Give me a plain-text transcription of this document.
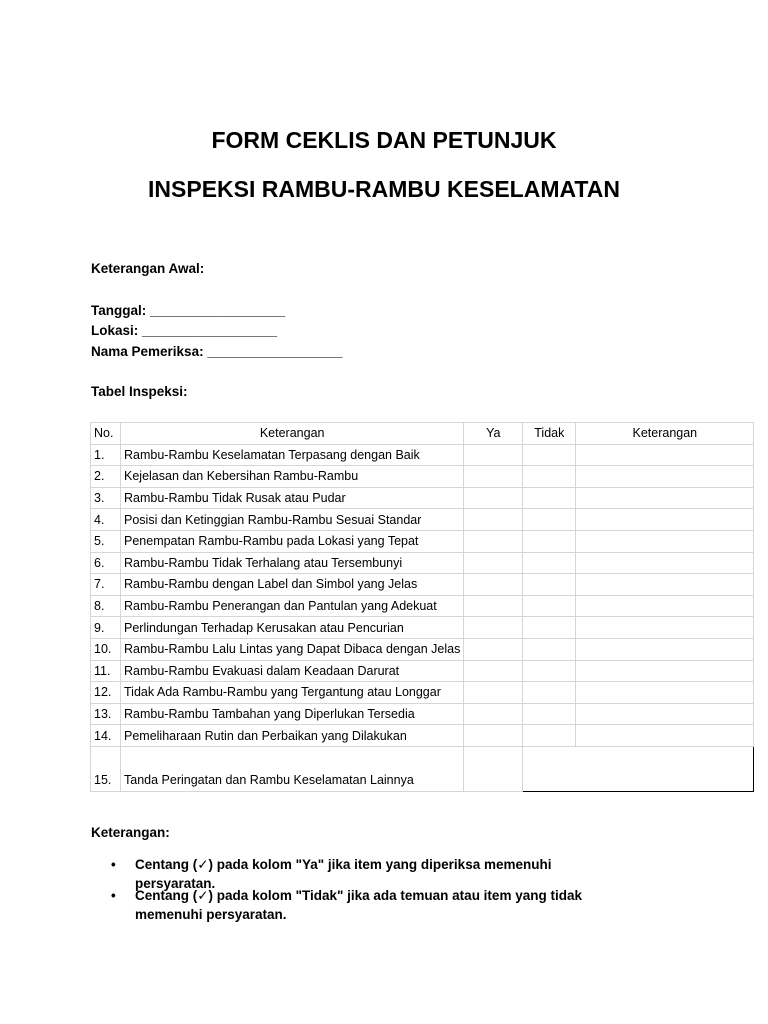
FORM CEKLIS DAN PETUNJUK
INSPEKSI RAMBU-RAMBU KESELAMATAN
Keterangan Awal:
Tanggal: __________________
Lokasi: __________________
Nama Pemeriksa: __________________
Tabel Inspeksi:
No.	Keterangan	Ya	Tidak	Keterangan
1.	Rambu-Rambu Keselamatan Terpasang dengan Baik			
2.	Kejelasan dan Kebersihan Rambu-Rambu			
3.	Rambu-Rambu Tidak Rusak atau Pudar			
4.	Posisi dan Ketinggian Rambu-Rambu Sesuai Standar			
5.	Penempatan Rambu-Rambu pada Lokasi yang Tepat			
6.	Rambu-Rambu Tidak Terhalang atau Tersembunyi			
7.	Rambu-Rambu dengan Label dan Simbol yang Jelas			
8.	Rambu-Rambu Penerangan dan Pantulan yang Adekuat			
9.	Perlindungan Terhadap Kerusakan atau Pencurian			
10.	Rambu-Rambu Lalu Lintas yang Dapat Dibaca dengan Jelas			
11.	Rambu-Rambu Evakuasi dalam Keadaan Darurat			
12.	Tidak Ada Rambu-Rambu yang Tergantung atau Longgar			
13.	Rambu-Rambu Tambahan yang Diperlukan Tersedia			
14.	Pemeliharaan Rutin dan Perbaikan yang Dilakukan			
15.	Tanda Peringatan dan Rambu Keselamatan Lainnya			
Keterangan:
• Centang (✓) pada kolom "Ya" jika item yang diperiksa memenuhi persyaratan.
• Centang (✓) pada kolom "Tidak" jika ada temuan atau item yang tidak memenuhi persyaratan.
